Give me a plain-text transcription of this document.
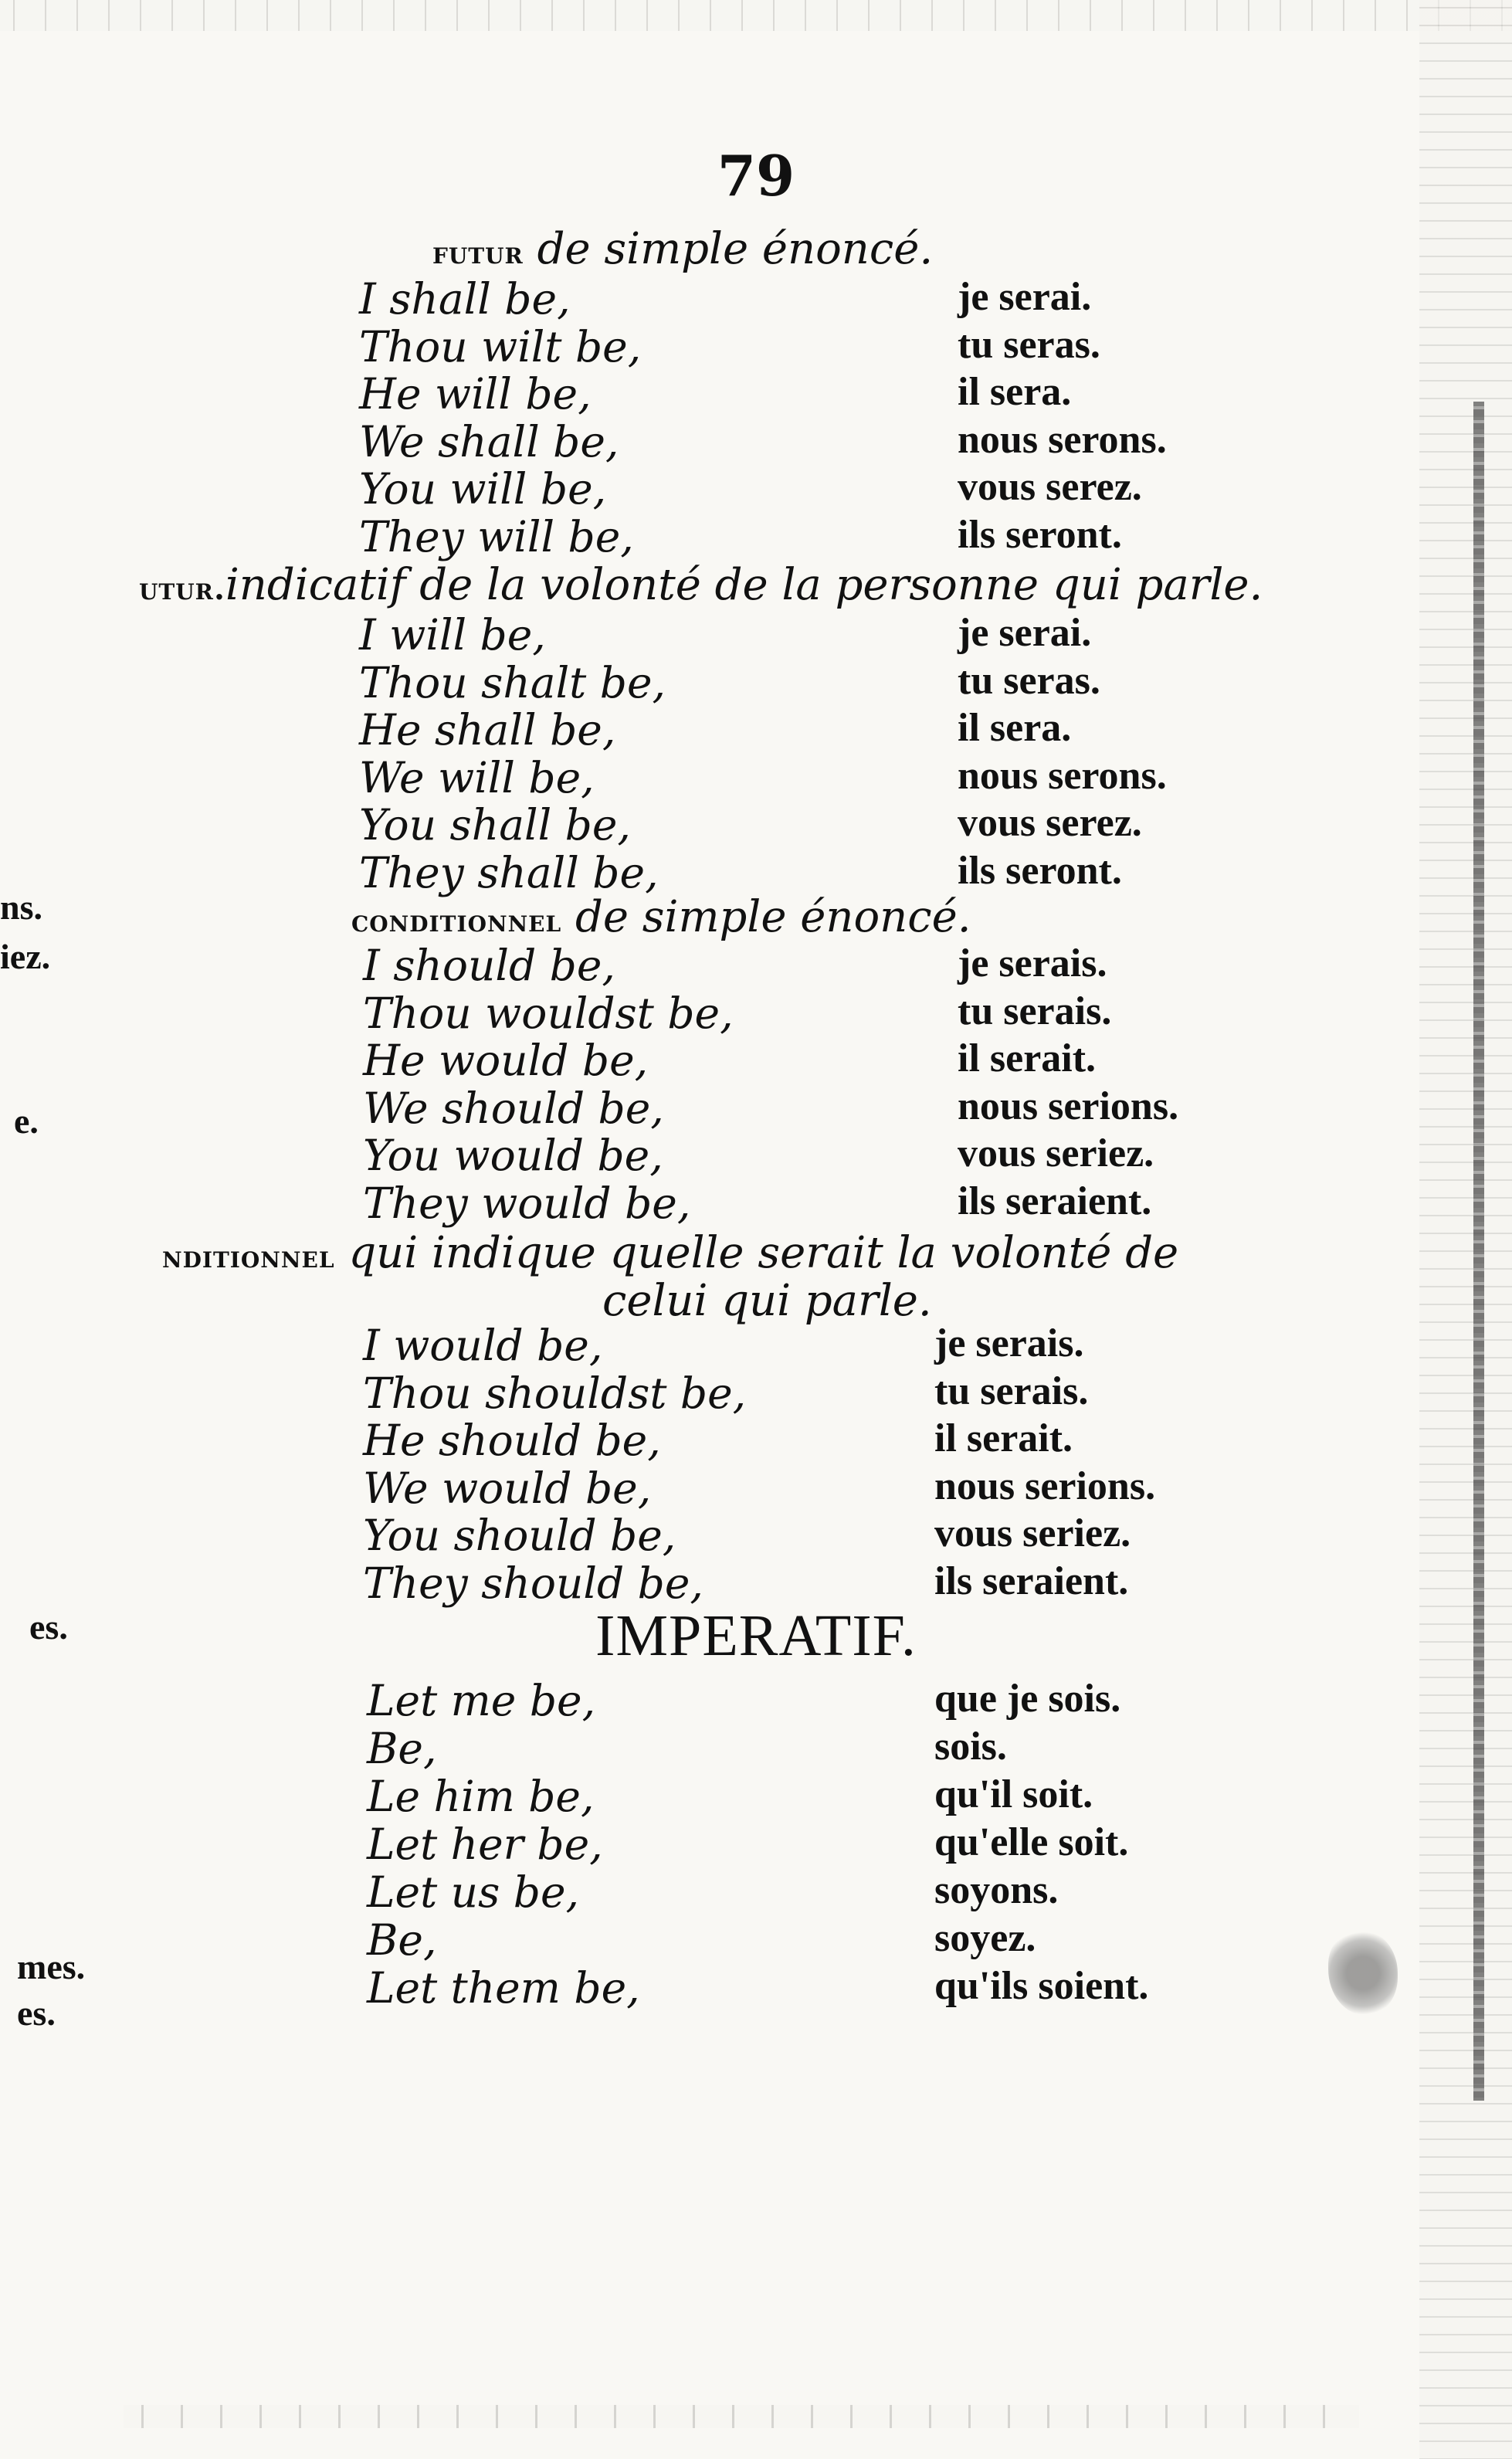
79
futur de simple énoncé.
utur.indicatif de la volonté de la personne qui parle.
conditionnel de simple énoncé.
nditionnel qui indique quelle serait la volonté de
celui qui parle.
I shall be,	je serai.
Thou wilt be,	tu seras.
He will be,	il sera.
We shall be,	nous serons.
You will be,	vous serez.
They will be,	ils seront.
I will be,	je serai.
Thou shalt be,	tu seras.
He shall be,	il sera.
We will be,	nous serons.
You shall be,	vous serez.
They shall be,	ils seront.
I should be,	je serais.
Thou wouldst be,	tu serais.
He would be,	il serait.
We should be,	nous serions.
You would be,	vous seriez.
They would be,	ils seraient.
I would be,	je serais.
Thou shouldst be,	tu serais.
He should be,	il serait.
We would be,	nous serions.
You should be,	vous seriez.
They should be,	ils seraient.
Let me be,	que je sois.
Be,	sois.
Le him be,	qu'il soit.
Let her be,	qu'elle soit.
Let us be,	soyons.
Be,	soyez.
Let them be,	qu'ils soient.
IMPERATIF.
ns.
iez.
e.
es.
mes.
es.
